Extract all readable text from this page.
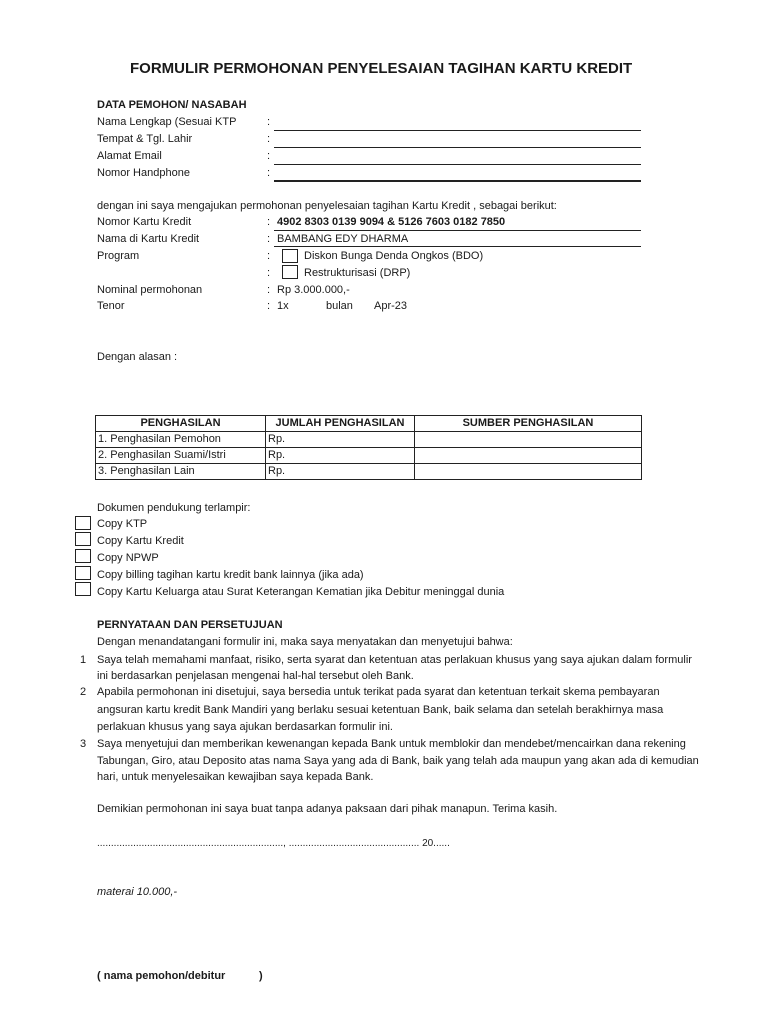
FORMULIR PERMOHONAN PENYELESAIAN TAGIHAN KARTU KREDIT
DATA PEMOHON/ NASABAH
Nama Lengkap (Sesuai KTP	:
Tempat & Tgl. Lahir	:
Alamat Email	:
Nomor Handphone	:
dengan ini saya mengajukan permohonan penyelesaian tagihan Kartu Kredit , sebagai berikut:
Nomor Kartu Kredit	: 4902 8303 0139 9094 & 5126 7603 0182 7850
Nama di Kartu Kredit	: BAMBANG EDY DHARMA
Program	:	Diskon Bunga Denda Ongkos (BDO)
:	Restrukturisasi (DRP)
Nominal permohonan	: Rp 3.000.000,-
Tenor	: 1x	bulan Apr-23
Dengan alasan :
PENGHASILAN	JUMLAH PENGHASILAN	SUMBER PENGHASILAN
1. Penghasilan Pemohon	Rp.	
2. Penghasilan Suami/Istri	Rp.	
3. Penghasilan Lain	Rp.	
Dokumen pendukung terlampir:
Copy KTP
Copy Kartu Kredit
Copy NPWP
Copy billing tagihan kartu kredit bank lainnya (jika ada)
Copy Kartu Keluarga atau Surat Keterangan Kematian jika Debitur meninggal dunia
PERNYATAAN DAN PERSETUJUAN
Dengan menandatangani formulir ini, maka saya menyatakan dan menyetujui bahwa:
1 Saya telah memahami manfaat, risiko, serta syarat dan ketentuan atas perlakuan khusus yang saya ajukan dalam formulir
ini berdasarkan penjelasan mengenai hal-hal tersebut oleh Bank.
2 Apabila permohonan ini disetujui, saya bersedia untuk terikat pada syarat dan ketentuan terkait skema pembayaran
angsuran kartu kredit Bank Mandiri yang berlaku sesuai ketentuan Bank, baik selama dan setelah berakhirnya masa
perlakuan khusus yang saya ajukan berdasarkan formulir ini.
3 Saya menyetujui dan memberikan kewenangan kepada Bank untuk memblokir dan mendebet/mencairkan dana rekening
Tabungan, Giro, atau Deposito atas nama Saya yang ada di Bank, baik yang telah ada maupun yang akan ada di kemudian
hari, untuk menyelesaikan kewajiban saya kepada Bank.
Demikian permohonan ini saya buat tanpa adanya paksaan dari pihak manapun. Terima kasih.
..................................................................., ............................................... 20......
materai 10.000,-
( nama pemohon/debitur           )
